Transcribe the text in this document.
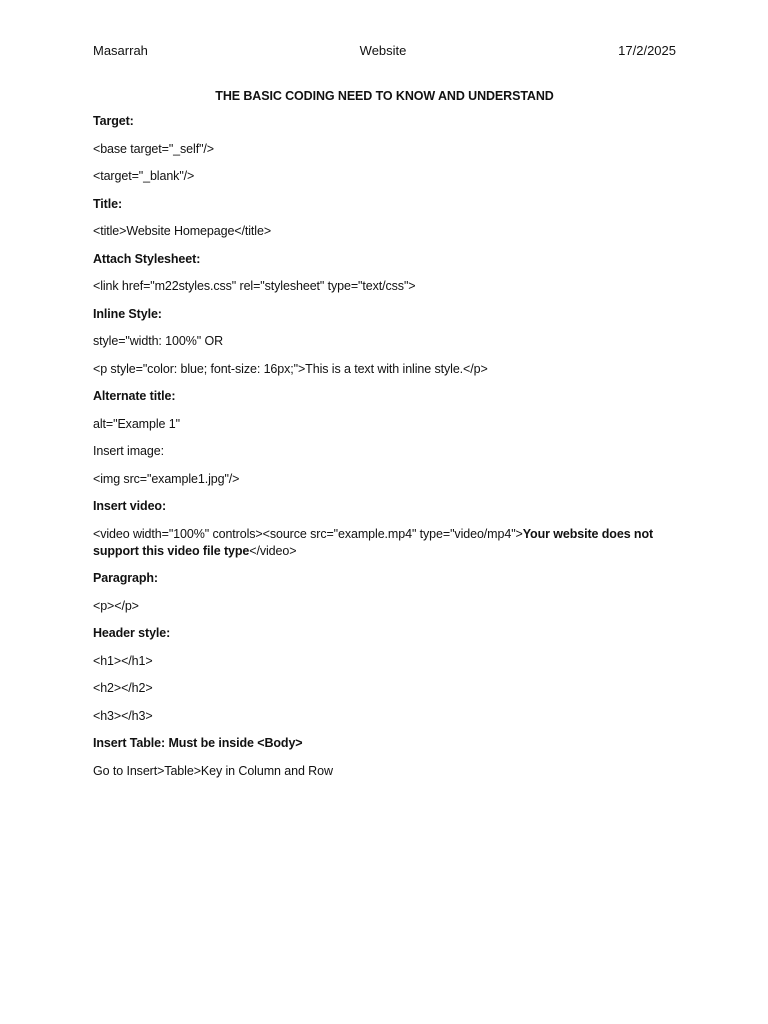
Masarrah	Website	17/2/2025
THE BASIC CODING NEED TO KNOW AND UNDERSTAND
Target:
<base target="_self"/>
<target="_blank"/>
Title:
<title>Website Homepage</title>
Attach Stylesheet:
<link href="m22styles.css" rel="stylesheet" type="text/css">
Inline Style:
style="width: 100%" OR
<p style="color: blue; font-size: 16px;">This is a text with inline style.</p>
Alternate title:
alt="Example 1"
Insert image:
<img src="example1.jpg"/>
Insert video:
<video width="100%" controls><source src="example.mp4" type="video/mp4">Your website does not support this video file type</video>
Paragraph:
<p></p>
Header style:
<h1></h1>
<h2></h2>
<h3></h3>
Insert Table: Must be inside <Body>
Go to Insert>Table>Key in Column and Row
